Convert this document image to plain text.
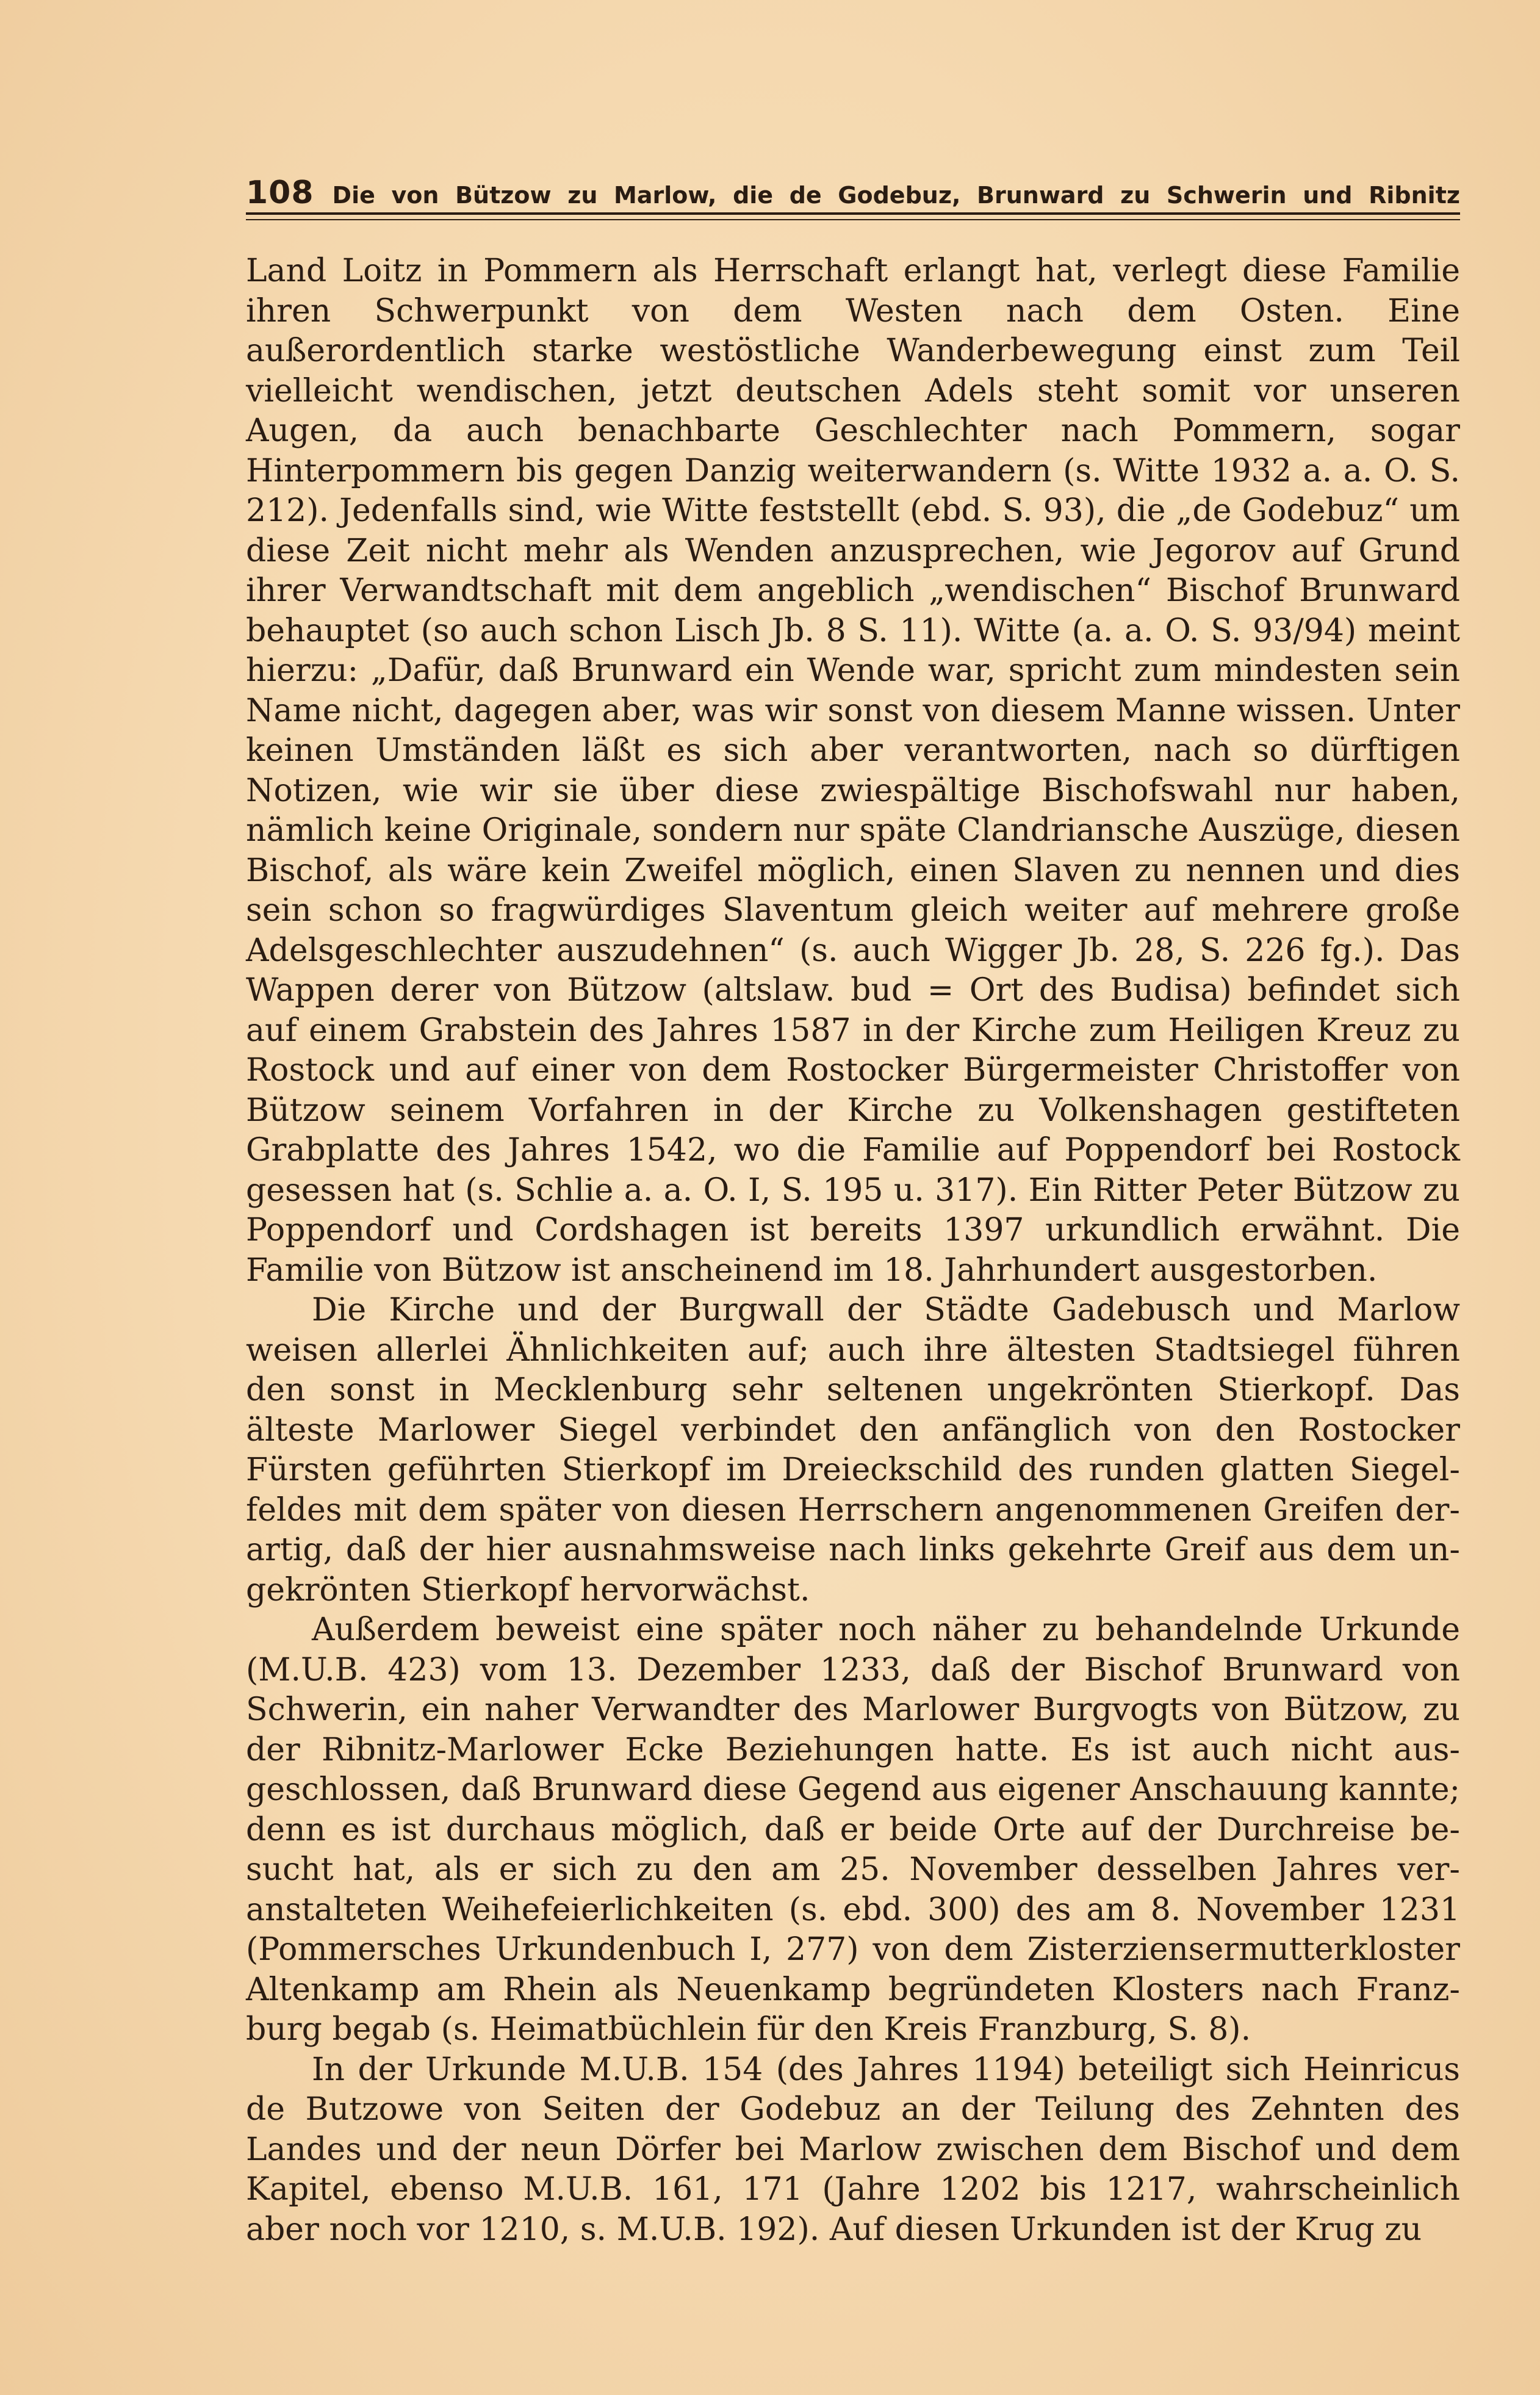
108 Die von Bützow zu Marlow, die de Godebuz, Brunward zu Schwerin und Ribnitz

Land Loitz in Pommern als Herrschaft erlangt hat, verlegt diese Familie ihren Schwerpunkt von dem Westen nach dem Osten. Eine außerordentlich starke westöstliche Wanderbewegung einst zum Teil vielleicht wendischen, jetzt deutschen Adels steht somit vor unseren Augen, da auch benachbarte Geschlechter nach Pommern, sogar Hinterpommern bis gegen Danzig weiterwandern (s. Witte 1932 a. a. O. S. 212). Jedenfalls sind, wie Witte feststellt (ebd. S. 93), die „de Godebuz“ um diese Zeit nicht mehr als Wenden anzusprechen, wie Jegorov auf Grund ihrer Verwandtschaft mit dem angeblich „wendischen“ Bischof Brunward behauptet (so auch schon Lisch Jb. 8 S. 11). Witte (a. a. O. S. 93/94) meint hierzu: „Dafür, daß Brunward ein Wende war, spricht zum mindesten sein Name nicht, dagegen aber, was wir sonst von diesem Manne wissen. Unter keinen Umständen läßt es sich aber verantworten, nach so dürftigen Notizen, wie wir sie über diese zwiespältige Bischofswahl nur haben, nämlich keine Originale, sondern nur späte Clandriansche Auszüge, diesen Bischof, als wäre kein Zweifel möglich, einen Slaven zu nennen und dies sein schon so fragwürdiges Slaventum gleich weiter auf mehrere große Adelsgeschlechter auszudehnen“ (s. auch Wigger Jb. 28, S. 226 fg.). Das Wappen derer von Bützow (altslaw. bud = Ort des Budisa) befindet sich auf einem Grabstein des Jahres 1587 in der Kirche zum Heiligen Kreuz zu Rostock und auf einer von dem Rostocker Bürgermeister Christoffer von Bützow seinem Vorfahren in der Kirche zu Volkenshagen gestifteten Grabplatte des Jahres 1542, wo die Familie auf Poppendorf bei Rostock gesessen hat (s. Schlie a. a. O. I, S. 195 u. 317). Ein Ritter Peter Bützow zu Poppendorf und Cordshagen ist bereits 1397 urkundlich erwähnt. Die Familie von Bützow ist anscheinend im 18. Jahrhundert ausgestorben.

Die Kirche und der Burgwall der Städte Gadebusch und Marlow weisen allerlei Ähnlichkeiten auf; auch ihre ältesten Stadtsiegel führen den sonst in Mecklenburg sehr seltenen ungekrönten Stierkopf. Das älteste Marlower Siegel verbindet den anfänglich von den Rostocker Fürsten geführten Stierkopf im Dreieckschild des runden glatten Siegelfeldes mit dem später von diesen Herrschern angenommenen Greifen derartig, daß der hier ausnahmsweise nach links gekehrte Greif aus dem ungekrönten Stierkopf hervorwächst.

Außerdem beweist eine später noch näher zu behandelnde Urkunde (M.U.B. 423) vom 13. Dezember 1233, daß der Bischof Brunward von Schwerin, ein naher Verwandter des Marlower Burgvogts von Bützow, zu der Ribnitz-Marlower Ecke Beziehungen hatte. Es ist auch nicht ausgeschlossen, daß Brunward diese Gegend aus eigener Anschauung kannte; denn es ist durchaus möglich, daß er beide Orte auf der Durchreise besucht hat, als er sich zu den am 25. November desselben Jahres veranstalteten Weihefeierlichkeiten (s. ebd. 300) des am 8. November 1231 (Pommersches Urkundenbuch I, 277) von dem Zisterziensermutterkloster Altenkamp am Rhein als Neuenkamp begründeten Klosters nach Franzburg begab (s. Heimatbüchlein für den Kreis Franzburg, S. 8).

In der Urkunde M.U.B. 154 (des Jahres 1194) beteiligt sich Heinricus de Butzowe von Seiten der Godebuz an der Teilung des Zehnten des Landes und der neun Dörfer bei Marlow zwischen dem Bischof und dem Kapitel, ebenso M.U.B. 161, 171 (Jahre 1202 bis 1217, wahrscheinlich aber noch vor 1210, s. M.U.B. 192). Auf diesen Urkunden ist der Krug zu
